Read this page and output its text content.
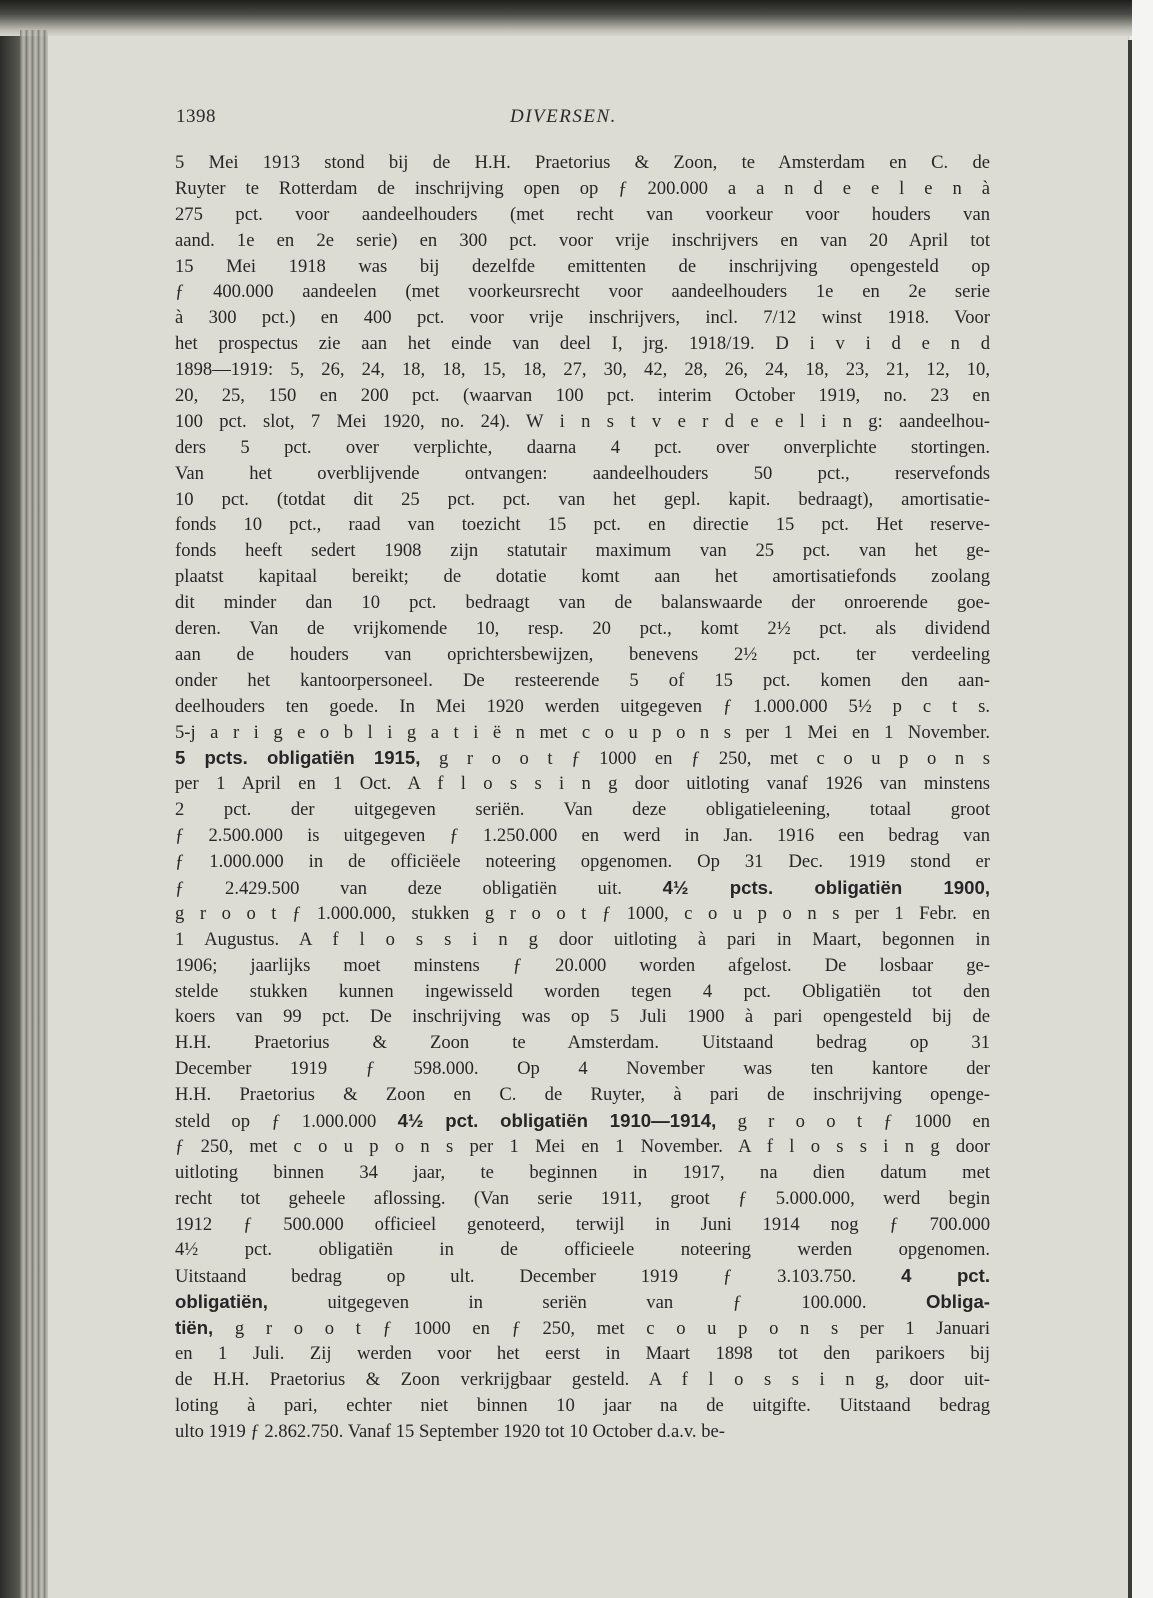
1398	DIVERSEN.
5 Mei 1913 stond bij de H.H. Praetorius & Zoon, te Amsterdam en C. de
Ruyter te Rotterdam de inschrijving open op ƒ 200.000 a a n d e e l e n à
275 pct. voor aandeelhouders (met recht van voorkeur voor houders van
aand. 1e en 2e serie) en 300 pct. voor vrije inschrijvers en van 20 April tot
15 Mei 1918 was bij dezelfde emittenten de inschrijving opengesteld op
ƒ 400.000 aandeelen (met voorkeursrecht voor aandeelhouders 1e en 2e serie
à 300 pct.) en 400 pct. voor vrije inschrijvers, incl. 7/12 winst 1918. Voor
het prospectus zie aan het einde van deel I, jrg. 1918/19. D i v i d e n d
1898—1919: 5, 26, 24, 18, 18, 15, 18, 27, 30, 42, 28, 26, 24, 18, 23, 21, 12, 10,
20, 25, 150 en 200 pct. (waarvan 100 pct. interim October 1919, no. 23 en
100 pct. slot, 7 Mei 1920, no. 24). W i n s t v e r d e e l i n g: aandeelhou-
ders 5 pct. over verplichte, daarna 4 pct. over onverplichte stortingen.
Van het overblijvende ontvangen: aandeelhouders 50 pct., reservefonds
10 pct. (totdat dit 25 pct. pct. van het gepl. kapit. bedraagt), amortisatie-
fonds 10 pct., raad van toezicht 15 pct. en directie 15 pct. Het reserve-
fonds heeft sedert 1908 zijn statutair maximum van 25 pct. van het ge-
plaatst kapitaal bereikt; de dotatie komt aan het amortisatiefonds zoolang
dit minder dan 10 pct. bedraagt van de balanswaarde der onroerende goe-
deren. Van de vrijkomende 10, resp. 20 pct., komt 2½ pct. als dividend
aan de houders van oprichtersbewijzen, benevens 2½ pct. ter verdeeling
onder het kantoorpersoneel. De resteerende 5 of 15 pct. komen den aan-
deelhouders ten goede. In Mei 1920 werden uitgegeven ƒ 1.000.000 5½ p c t s.
5-j a r i g e o b l i g a t i ë n met c o u p o n s per 1 Mei en 1 November.
5 pcts. obligatiën 1915, g r o o t ƒ 1000 en ƒ 250, met c o u p o n s
per 1 April en 1 Oct. A f l o s s i n g door uitloting vanaf 1926 van minstens
2 pct. der uitgegeven seriën. Van deze obligatieleening, totaal groot
ƒ 2.500.000 is uitgegeven ƒ 1.250.000 en werd in Jan. 1916 een bedrag van
ƒ 1.000.000 in de officiëele noteering opgenomen. Op 31 Dec. 1919 stond er
ƒ 2.429.500 van deze obligatiën uit. 4½ pcts. obligatiën 1900,
g r o o t ƒ 1.000.000, stukken g r o o t ƒ 1000, c o u p o n s per 1 Febr. en
1 Augustus. A f l o s s i n g door uitloting à pari in Maart, begonnen in
1906; jaarlijks moet minstens ƒ 20.000 worden afgelost. De losbaar ge-
stelde stukken kunnen ingewisseld worden tegen 4 pct. Obligatiën tot den
koers van 99 pct. De inschrijving was op 5 Juli 1900 à pari opengesteld bij de
H.H. Praetorius & Zoon te Amsterdam. Uitstaand bedrag op 31
December 1919 ƒ 598.000. Op 4 November was ten kantore der
H.H. Praetorius & Zoon en C. de Ruyter, à pari de inschrijving openge-
steld op ƒ 1.000.000 4½ pct. obligatiën 1910—1914, g r o o t ƒ 1000 en
ƒ 250, met c o u p o n s per 1 Mei en 1 November. A f l o s s i n g door
uitloting binnen 34 jaar, te beginnen in 1917, na dien datum met
recht tot geheele aflossing. (Van serie 1911, groot ƒ 5.000.000, werd begin
1912 ƒ 500.000 officieel genoteerd, terwijl in Juni 1914 nog ƒ 700.000
4½ pct. obligatiën in de officieele noteering werden opgenomen.
Uitstaand bedrag op ult. December 1919 ƒ 3.103.750. 4 pct.
obligatiën, uitgegeven in seriën van ƒ 100.000. Obliga-
tiën, g r o o t ƒ 1000 en ƒ 250, met c o u p o n s per 1 Januari
en 1 Juli. Zij werden voor het eerst in Maart 1898 tot den parikoers bij
de H.H. Praetorius & Zoon verkrijgbaar gesteld. A f l o s s i n g, door uit-
loting à pari, echter niet binnen 10 jaar na de uitgifte. Uitstaand bedrag
ulto 1919 ƒ 2.862.750. Vanaf 15 September 1920 tot 10 October d.a.v. be-
